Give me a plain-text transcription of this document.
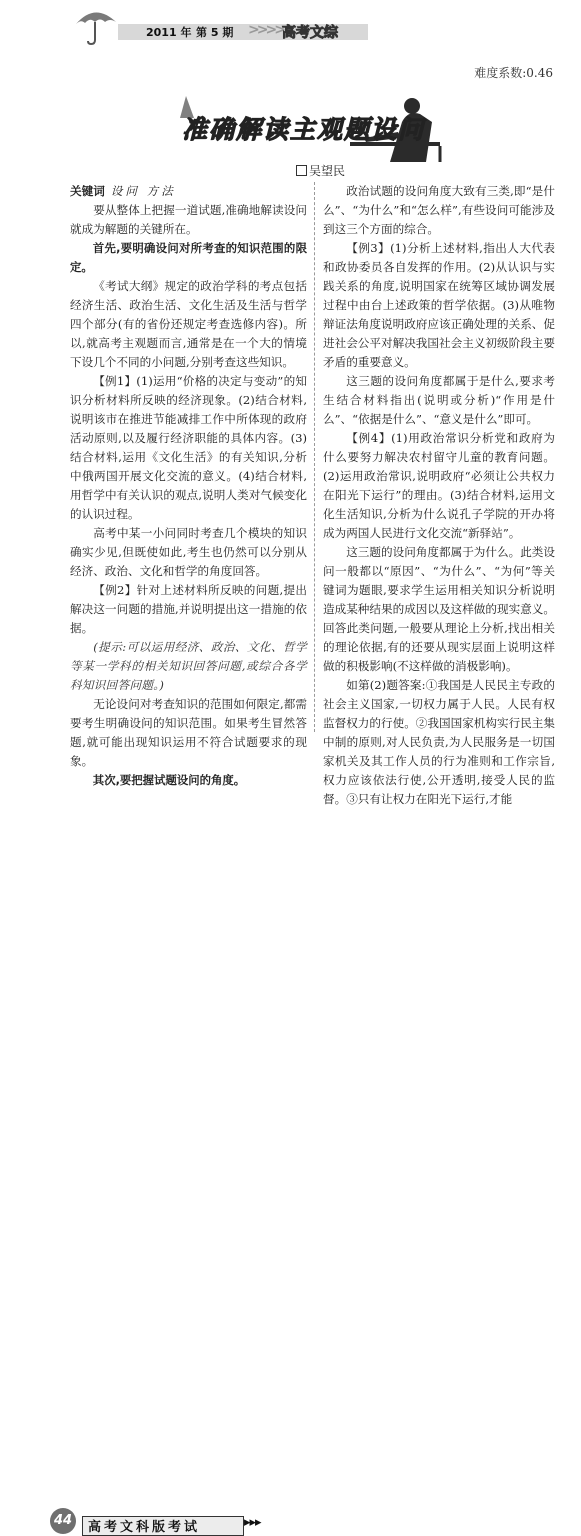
2011 年 第 5 期 >>>> 高考文综
难度系数:0.46
准确解读主观题设问
吴望民

关键词 设问 方法

要从整体上把握一道试题,准确地解读设问就成为解题的关键所在。

首先,要明确设问对所考查的知识范围的限定。

《考试大纲》规定的政治学科的考点包括经济生活、政治生活、文化生活及生活与哲学四个部分(有的省份还规定考查选修内容)。所以,就高考主观题而言,通常是在一个大的情境下设几个不同的小问题,分别考查这些知识。

【例1】(1)运用“价格的决定与变动”的知识分析材料所反映的经济现象。(2)结合材料,说明该市在推进节能减排工作中所体现的政府活动原则,以及履行经济职能的具体内容。(3)结合材料,运用《文化生活》的有关知识,分析中俄两国开展文化交流的意义。(4)结合材料,用哲学中有关认识的观点,说明人类对气候变化的认识过程。

高考中某一小问同时考查几个模块的知识确实少见,但既使如此,考生也仍然可以分别从经济、政治、文化和哲学的角度回答。

【例2】针对上述材料所反映的问题,提出解决这一问题的措施,并说明提出这一措施的依据。

(提示:可以运用经济、政治、文化、哲学等某一学科的相关知识回答问题,或综合各学科知识回答问题。)

无论设问对考查知识的范围如何限定,都需要考生明确设问的知识范围。如果考生冒然答题,就可能出现知识运用不符合试题要求的现象。

其次,要把握试题设问的角度。

政治试题的设问角度大致有三类,即“是什么”、“为什么”和“怎么样”,有些设问可能涉及到这三个方面的综合。

【例3】(1)分析上述材料,指出人大代表和政协委员各自发挥的作用。(2)从认识与实践关系的角度,说明国家在统筹区域协调发展过程中由台上述政策的哲学依据。(3)从唯物辩证法角度说明政府应该正确处理的关系、促进社会公平对解决我国社会主义初级阶段主要矛盾的重要意义。

这三题的设问角度都属于是什么,要求考生结合材料指出(说明或分析)“作用是什么”、“依据是什么”、“意义是什么”即可。

【例4】(1)用政治常识分析党和政府为什么要努力解决农村留守儿童的教育问题。(2)运用政治常识,说明政府“必须让公共权力在阳光下运行”的理由。(3)结合材料,运用文化生活知识,分析为什么说孔子学院的开办将成为两国人民进行文化交流“新驿站”。

这三题的设问角度都属于为什么。此类设问一般都以“原因”、“为什么”、“为何”等关键词为题眼,要求学生运用相关知识分析说明造成某种结果的成因以及这样做的现实意义。回答此类问题,一般要从理论上分析,找出相关的理论依据,有的还要从现实层面上说明这样做的积极影响(不这样做的消极影响)。

如第(2)题答案:①我国是人民民主专政的社会主义国家,一切权力属于人民。人民有权监督权力的行使。②我国国家机构实行民主集中制的原则,对人民负责,为人民服务是一切国家机关及其工作人员的行为准则和工作宗旨,权力应该依法行使,公开透明,接受人民的监督。③只有让权力在阳光下运行,才能

44	高考文科版考试	▸▸▸
